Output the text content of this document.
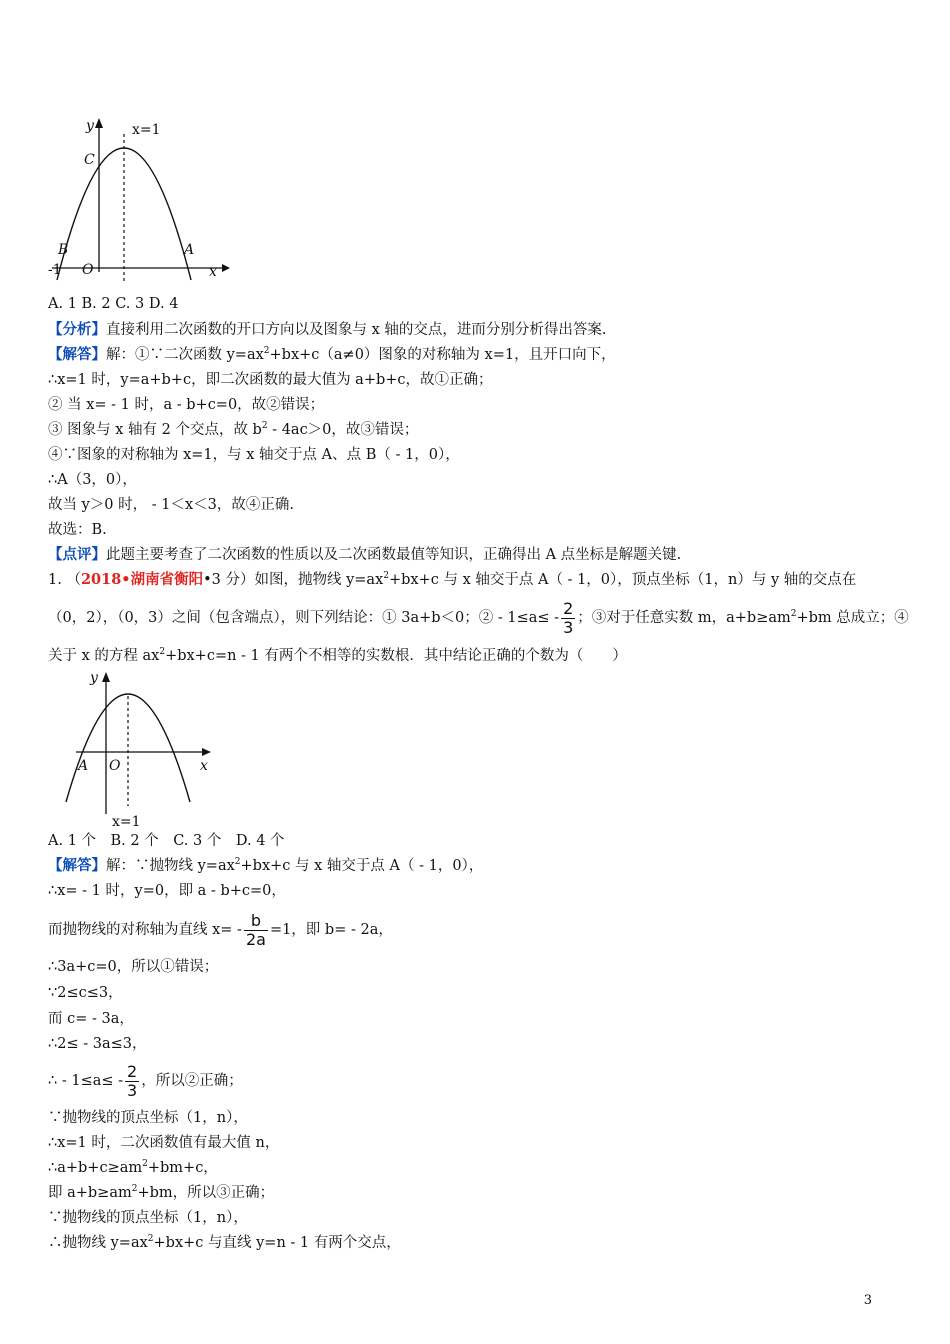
y	x=1
C
B	A
-1 O	x
A. 1 B. 2 C. 3 D. 4
【分析】直接利用二次函数的开口方向以及图象与 x 轴的交点，进而分别分析得出答案.
【解答】解：①∵二次函数 $y=ax^2+bx+c(a\ne 0)$图象的对称轴为 x=1，且开口向下，
∴x=1 时，y=a+b+c，即二次函数的最大值为 a+b+c，故①正确；
② 当 x= - 1 时，a - b+c=0，故②错误；
③ 图象与 x 轴有 2 个交点，故 $b^2 - 4ac>0$，故③错误；
④∵图象的对称轴为 x=1，与 x 轴交于点 A、点 B（ - 1，0），
∴A（3，0），
故当 y＞0 时， - 1＜x＜3，故④正确.
故选：B.
【点评】此题主要考查了二次函数的性质以及二次函数最值等知识，正确得出 A 点坐标是解题关键.
1. （2018•湖南省衡阳•3 分）如图，抛物线 $y=ax^2+bx+c$ 与 x 轴交于点 A（ - 1，0），顶点坐标（1，n）与 y 轴的交点在
（0，2），（0，3）之间（包含端点），则下列结论：① 3a+b＜0；② - $1\le a\le - \frac{2}{3}$ ；③对于任意实数 m，$a+b\ge am^2+bm$ 总成立；④
关于 x 的方程 $ax^2+bx+c=n - 1$ 有两个不相等的实数根．其中结论正确的个数为（　　）
y
A O	x
x=1
A. 1 个　B. 2 个　C. 3 个　D. 4 个
【解答】解：∵抛物线 $y=ax^2+bx+c$ 与 x 轴交于点 A（ - 1，0），
∴x= - 1 时，y=0，即 a - b+c=0，
而抛物线的对称轴为直线 $x= - \frac{b}{2a} =1$，即 b= - 2a，
∴3a+c=0，所以①错误；
∵2≤c≤3，
而 c= - 3a，
∴2≤ - 3a≤3，
∴ - $1\le a\le - \frac{2}{3}$ ，所以②正确；
∵抛物线的顶点坐标（1，n），
∴x=1 时，二次函数值有最大值 n，
$\therefore a+b+c\ge am^2+bm+c$，
即 $a+b\ge am^2+bm$，所以③正确；
∵抛物线的顶点坐标（1，n），
∴抛物线 $y=ax^2+bx+c$ 与直线 y=n - 1 有两个交点，
3
